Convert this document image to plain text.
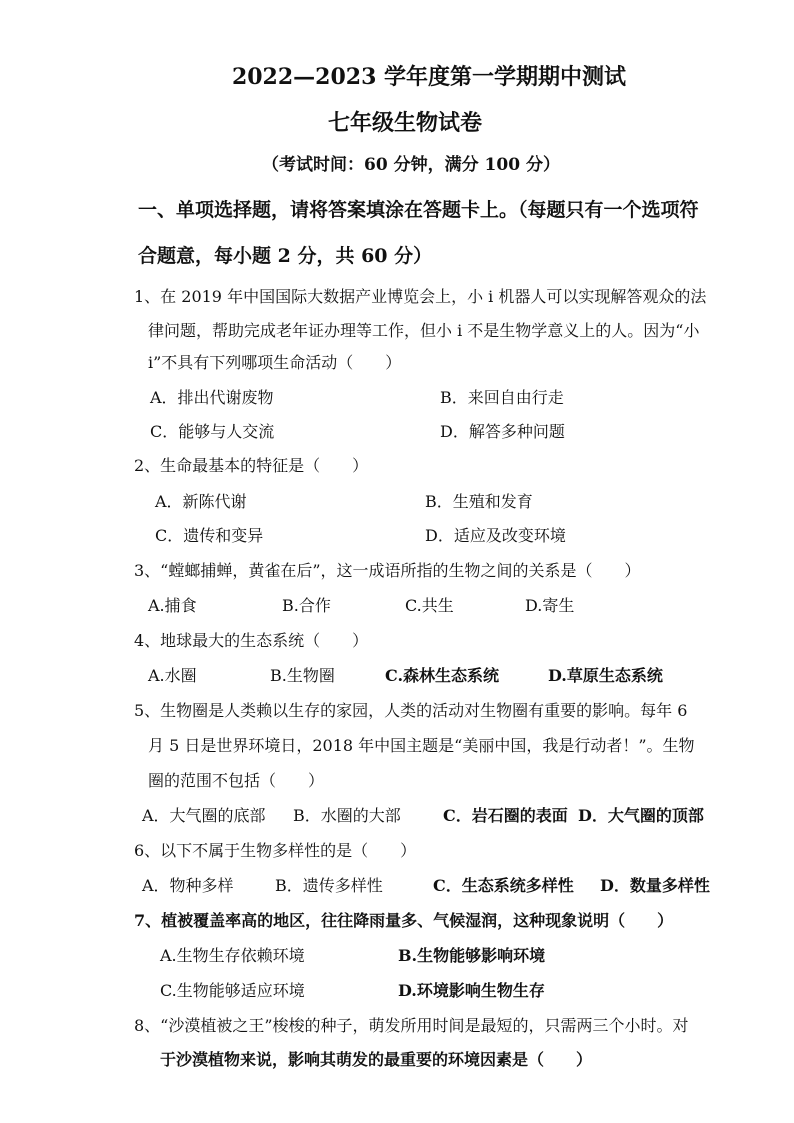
2022—2023 学年度第一学期期中测试
七年级生物试卷
（考试时间：60 分钟，满分 100 分）
一、单项选择题，请将答案填涂在答题卡上。（每题只有一个选项符
合题意，每小题 2 分，共 60 分）
1、在 2019 年中国国际大数据产业博览会上，小 i 机器人可以实现解答观众的法
律问题，帮助完成老年证办理等工作，但小 i 不是生物学意义上的人。因为“小
i”不具有下列哪项生命活动（　　）
A．排出代谢废物	B．来回自由行走
C．能够与人交流	D．解答多种问题
2、生命最基本的特征是（　　）
A．新陈代谢	B．生殖和发育
C．遗传和变异	D．适应及改变环境
3、“螳螂捕蝉，黄雀在后”，这一成语所指的生物之间的关系是（　　）
A.捕食	B.合作	C.共生	D.寄生
4、地球最大的生态系统（　　）
A.水圈	B.生物圈	C.森林生态系统	D.草原生态系统
5、生物圈是人类赖以生存的家园，人类的活动对生物圈有重要的影响。每年 6
月 5 日是世界环境日，2018 年中国主题是“美丽中国，我是行动者！”。生物
圈的范围不包括（　　）
A．大气圈的底部 B．水圈的大部	C．岩石圈的表面 D．大气圈的顶部
6、以下不属于生物多样性的是（　　）
A．物种多样	B．遗传多样性	C．生态系统多样性 D．数量多样性
7、植被覆盖率高的地区，往往降雨量多、气候湿润，这种现象说明（　　）
A.生物生存依赖环境	B.生物能够影响环境
C.生物能够适应环境	D.环境影响生物生存
8、“沙漠植被之王”梭梭的种子，萌发所用时间是最短的，只需两三个小时。对
于沙漠植物来说，影响其萌发的最重要的环境因素是（　　）
